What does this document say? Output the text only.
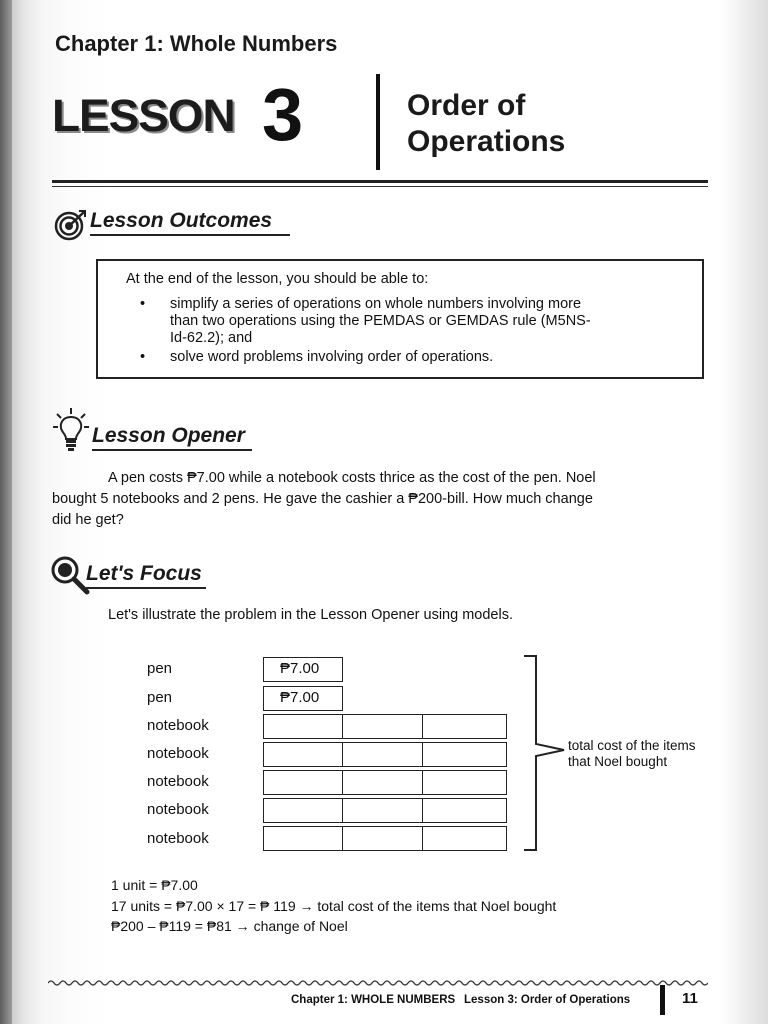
Chapter 1: Whole Numbers
LESSON 3	Order of
Operations
Lesson Outcomes
At the end of the lesson, you should be able to:
• simplify a series of operations on whole numbers involving more
than two operations using the PEMDAS or GEMDAS rule (M5NS-
Id-62.2); and
• solve word problems involving order of operations.
Lesson Opener
A pen costs ₱7.00 while a notebook costs thrice as the cost of the pen. Noel
bought 5 notebooks and 2 pens. He gave the cashier a ₱200-bill. How much change
did he get?
Let's Focus
Let's illustrate the problem in the Lesson Opener using models.
pen
pen
notebook
notebook
notebook
notebook
notebook
₱7.00
₱7.00
total cost of the items that Noel bought
1 unit = ₱7.00
17 units = ₱7.00 × 17 = ₱ 119 → total cost of the items that Noel bought
₱200 – ₱119 = ₱81 → change of Noel
Chapter 1: WHOLE NUMBERS Lesson 3: Order of Operations	11
